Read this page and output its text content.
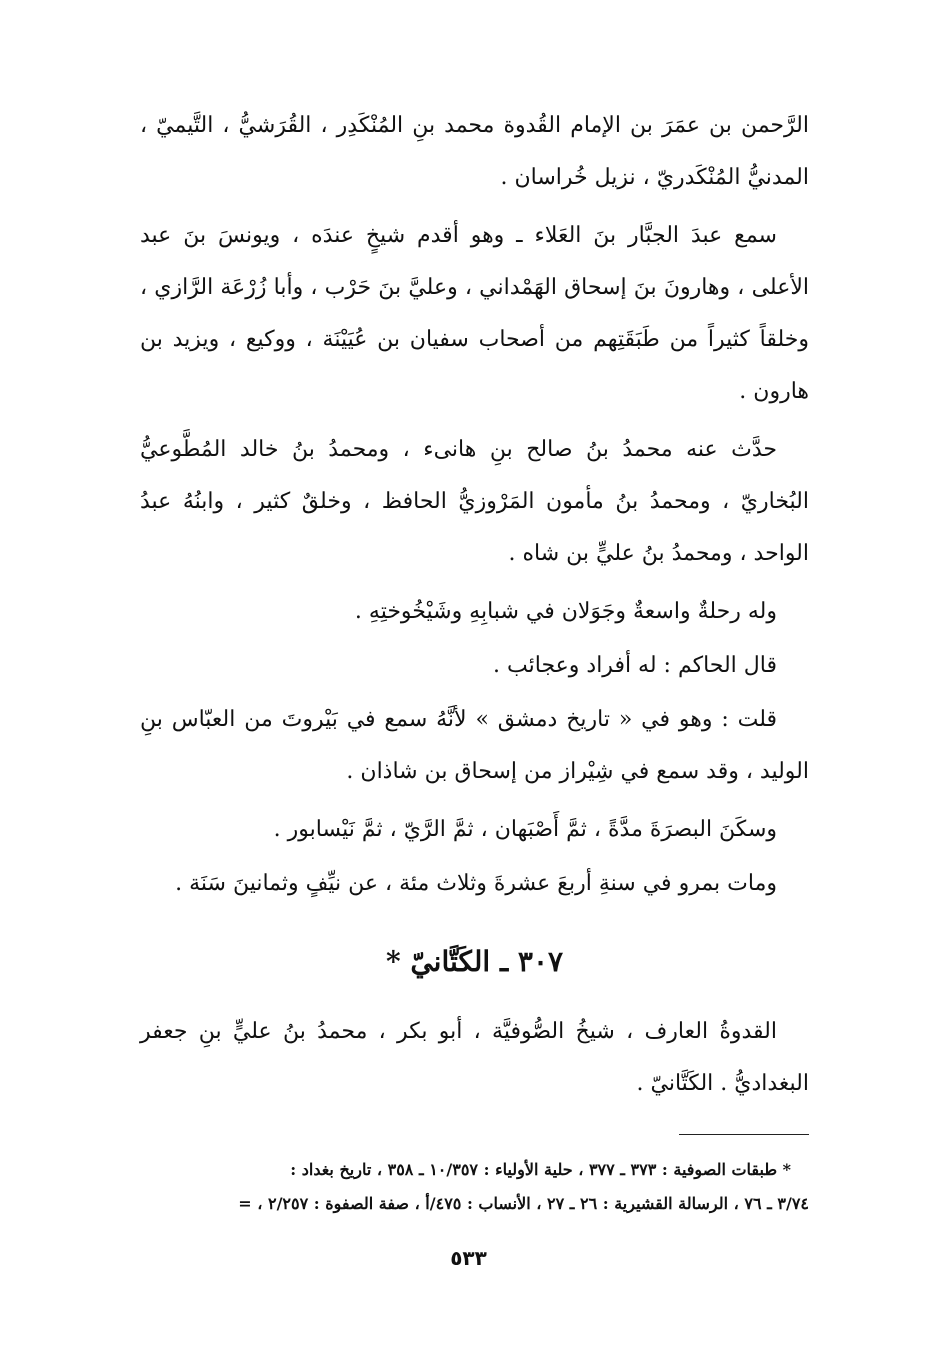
الرَّحمن بن عمَرَ بن الإمام القُدوة محمد بنِ المُنْكَدِر ، القُرَشيُّ ، التَّيميّ ، المدنيُّ المُنْكَدريّ ، نزيل خُراسان .

سمع عبدَ الجبَّار بنَ العَلاء ـ وهو أقدم شيخٍ عندَه ، ويونسَ بنَ عبد الأعلى ، وهارونَ بنَ إسحاق الهَمْداني ، وعليَّ بنَ حَرْب ، وأبا زُرْعَة الرَّازي ، وخلقاً كثيراً من طَبَقَتِهم من أصحاب سفيان بن عُيَيْنَة ، ووكيع ، ويزيد بن هارون .

حدَّث عنه محمدُ بنُ صالح بنِ هانىء ، ومحمدُ بنُ خالد المُطَّوعيُّ البُخاريّ ، ومحمدُ بنُ مأمون المَرْوزيُّ الحافظ ، وخلقٌ كثير ، وابنُهُ عبدُ الواحد ، ومحمدُ بنُ عليٍّ بن شاه .

وله رحلةٌ واسعةٌ وجَوَلان في شبابِهِ وشَيْخُوختِهِ .

قال الحاكم : له أفراد وعجائب .

قلت : وهو في « تاريخ دمشق » لأنَّهُ سمع في بَيْروتَ من العبّاس بنِ الوليد ، وقد سمع في شِيْراز من إسحاق بن شاذان .

وسكَنَ البصرَةَ مدَّةً ، ثمَّ أَصْبَهان ، ثمَّ الرَّيّ ، ثمَّ نَيْسابور .

ومات بمرو في سنةِ أربعَ عشرةَ وثلاث مئة ، عن نيِّفٍ وثمانينَ سَنَة .

٣٠٧ ـ الكَتَّانيّ *

القدوةُ العارف ، شيخُ الصُّوفيَّة ، أبو بكر ، محمدُ بنُ عليٍّ بنِ جعفر البغداديُّ . الكَتَّانيّ .

* طبقات الصوفية : ٣٧٣ ـ ٣٧٧ ، حلية الأولياء : ١٠/٣٥٧ ـ ٣٥٨ ، تاريخ بغداد :
٣/٧٤ ـ ٧٦ ، الرسالة القشيرية : ٢٦ ـ ٢٧ ، الأنساب : ٤٧٥/أ ، صفة الصفوة : ٢/٢٥٧ ، =
٥٣٣
